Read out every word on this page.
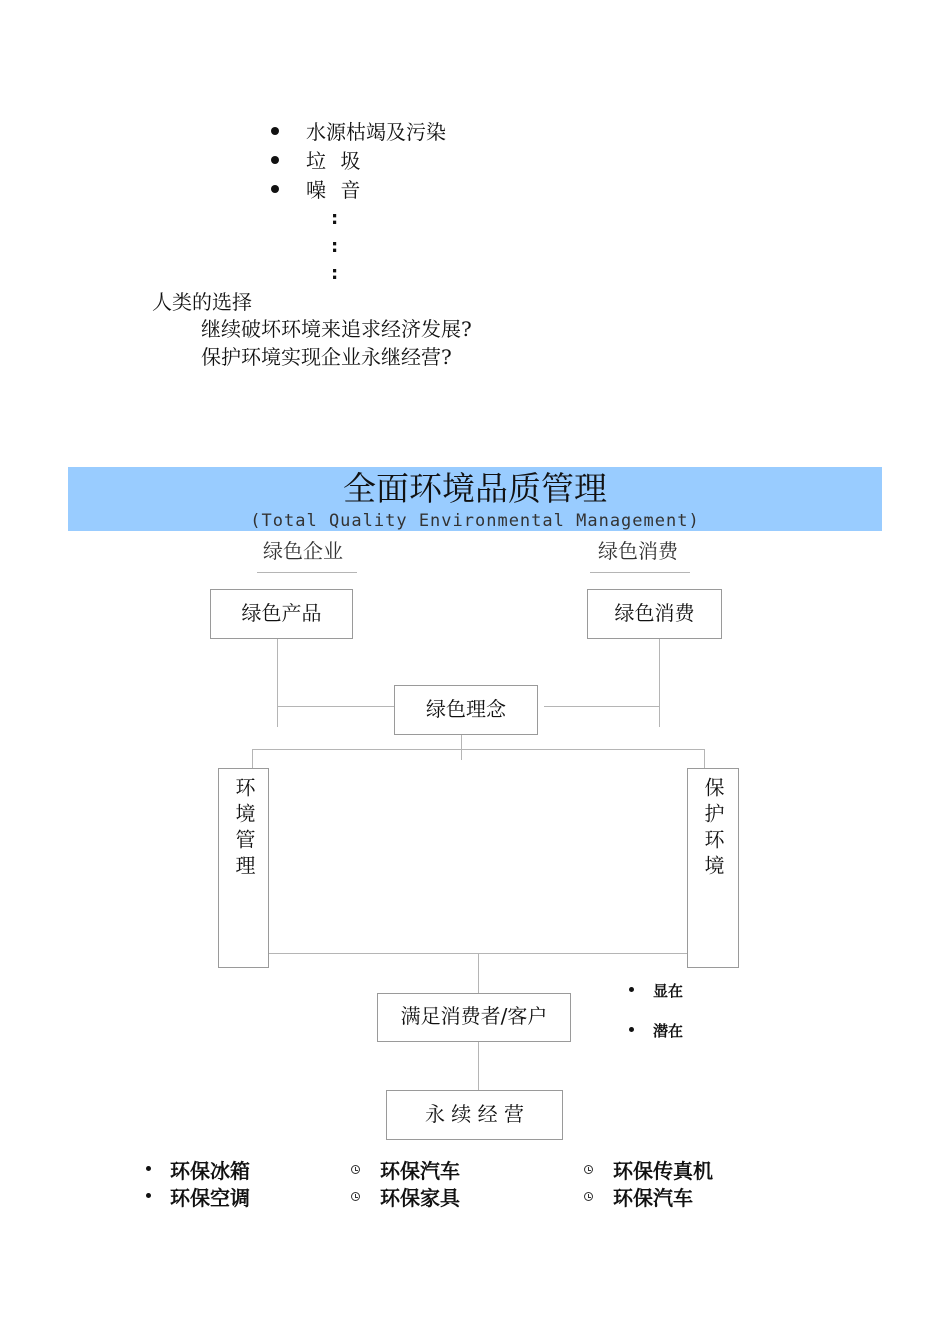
水源枯竭及污染
垃 圾
噪 音
:
:
:
人类的选择
继续破坏环境来追求经济发展?
保护环境实现企业永继经营?
全面环境品质管理
(Total Quality Environmental Management)
绿色企业	绿色消费
绿色产品	绿色消费
绿色理念
环境管理	保护环境
满足消费者/客户
永 续 经 营
显在
潜在
环保冰箱
环保空调
环保汽车
环保家具
环保传真机
环保汽车
